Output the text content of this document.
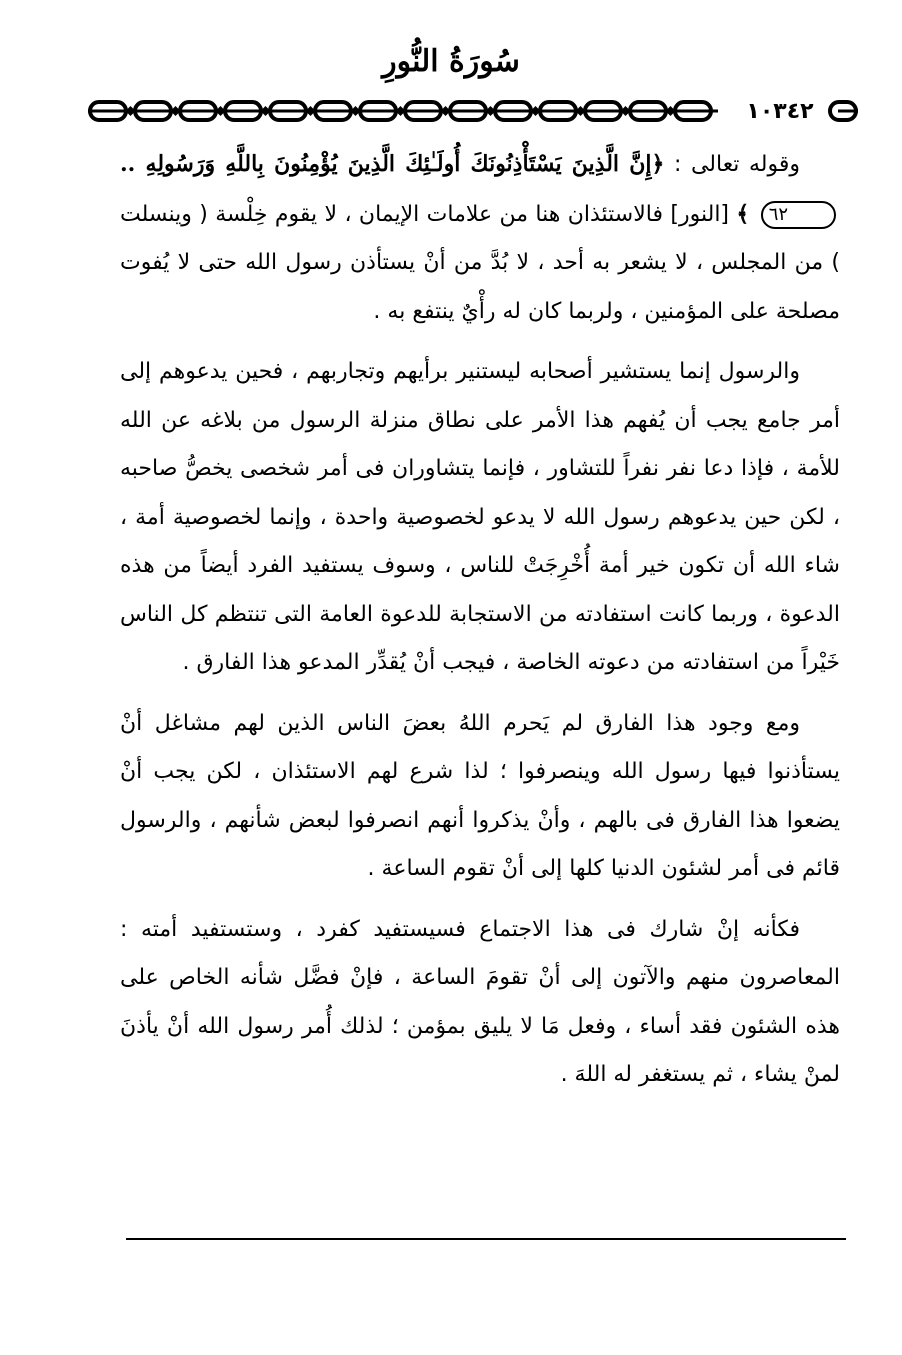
سُورَةُ النُّورِ
١٠٣٤٢

وقوله تعالى : ﴿إِنَّ الَّذِينَ يَسْتَأْذِنُونَكَ أُولَـٰئِكَ الَّذِينَ يُؤْمِنُونَ بِاللَّهِ وَرَسُولِهِ .. ٦٢ ﴾ [النور] فالاستئذان هنا من علامات الإيمان ، لا يقوم خِلْسة ( وينسلت ) من المجلس ، لا يشعر به أحد ، لا بُدَّ من أنْ يستأذن رسول الله حتى لا يُفوت مصلحة على المؤمنين ، ولربما كان له رأْيٌ ينتفع به .

والرسول إنما يستشير أصحابه ليستنير برأيهم وتجاربهم ، فحين يدعوهم إلى أمر جامع يجب أن يُفهم هذا الأمر على نطاق منزلة الرسول من بلاغه عن الله للأمة ، فإذا دعا نفر نفراً للتشاور ، فإنما يتشاوران فى أمر شخصى يخصُّ صاحبه ، لكن حين يدعوهم رسول الله لا يدعو لخصوصية واحدة ، وإنما لخصوصية أمة ، شاء الله أن تكون خير أمة أُخْرِجَتْ للناس ، وسوف يستفيد الفرد أيضاً من هذه الدعوة ، وربما كانت استفادته من الاستجابة للدعوة العامة التى تنتظم كل الناس خَيْراً من استفادته من دعوته الخاصة ، فيجب أنْ يُقدِّر المدعو هذا الفارق .

ومع وجود هذا الفارق لم يَحرم اللهُ بعضَ الناس الذين لهم مشاغل أنْ يستأذنوا فيها رسول الله وينصرفوا ؛ لذا شرع لهم الاستئذان ، لكن يجب أنْ يضعوا هذا الفارق فى بالهم ، وأنْ يذكروا أنهم انصرفوا لبعض شأنهم ، والرسول قائم فى أمر لشئون الدنيا كلها إلى أنْ تقوم الساعة .

فكأنه إنْ شارك فى هذا الاجتماع فسيستفيد كفرد ، وستستفيد أمته : المعاصرون منهم والآتون إلى أنْ تقومَ الساعة ، فإنْ فضَّل شأنه الخاص على هذه الشئون فقد أساء ، وفعل مَا لا يليق بمؤمن ؛ لذلك أُمر رسول الله أنْ يأذنَ لمنْ يشاء ، ثم يستغفر له اللهَ .
